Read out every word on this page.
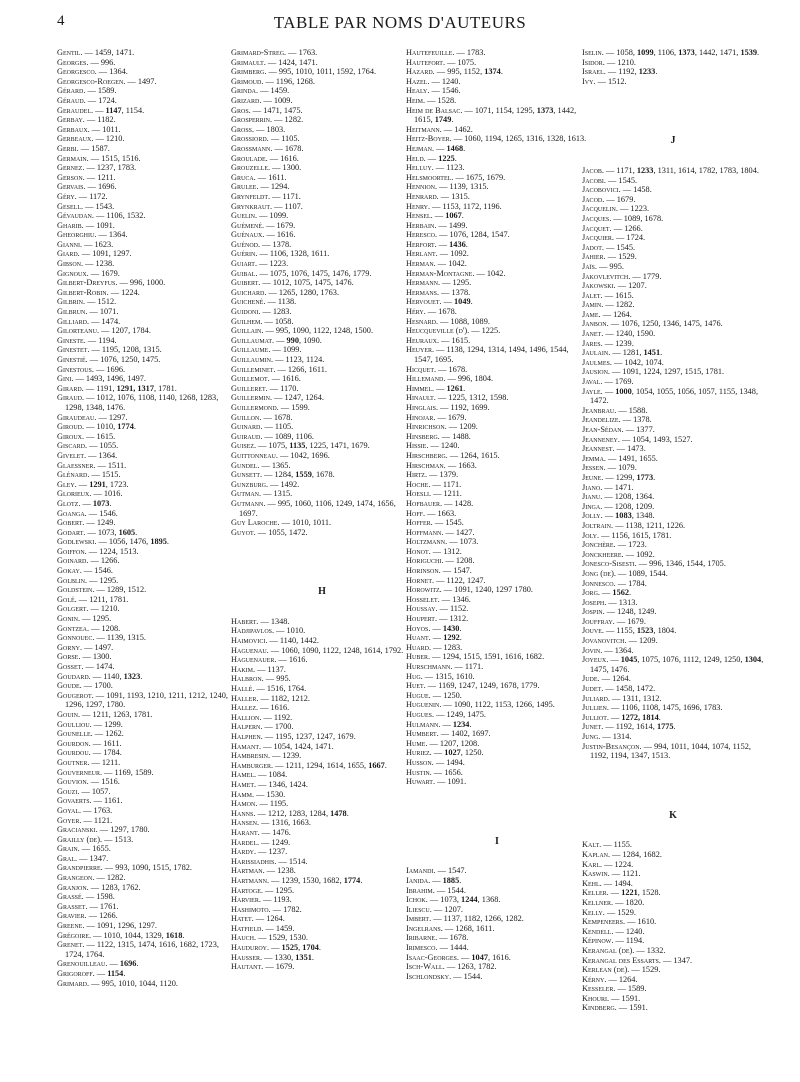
4	TABLE PAR NOMS D'AUTEURS
Gentil. — 1459, 1471.
Georges. — 996.
Georgesco. — 1364.
Georgesco-Roegen. — 1497.
Gérard. — 1589.
Géraud. — 1724.
Geraudel. — 1147, 1154.
Gerbay. — 1182.
Gerbaux. — 1011.
Gerbeaux. — 1210.
Gerbi. — 1587.
Germain. — 1515, 1516.
Gernez. — 1237, 1783.
Gerson. — 1211.
Gervais. — 1696.
Géry. — 1172.
Gesell. — 1543.
Gévaudan. — 1106, 1532.
Gharib. — 1091.
Gheorghiu. — 1364.
Gianni. — 1623.
Giard. — 1091, 1297.
Gibson. — 1238.
Gignoux. — 1679.
Gilbert-Dreyfus. — 996, 1000.
Gilbert-Robin. — 1224.
Gilbrin. — 1512.
Gilbrun. — 1071.
Gilliard. — 1474.
Gilorteanu. — 1207, 1784.
Gineste. — 1194.
Ginestet. — 1195, 1208, 1315.
Ginestié. — 1076, 1250, 1475.
Ginestous. — 1696.
Gini. — 1493, 1496, 1497.
Girard. — 1191, 1291, 1317, 1781.
Giraud. — 1012, 1076, 1108, 1140, 1268, 1283, 1298, 1348, 1476.
Giraudeau. — 1297.
Giroud. — 1010, 1774.
Giroux. — 1615.
Giscard. — 1055.
Givelet. — 1364.
Glaessner. — 1511.
Glénard. — 1515.
Gley. — 1291, 1723.
Glorieux. — 1016.
Glotz. — 1073.
Goanga. — 1546.
Gobert. — 1249.
Godart. — 1073, 1605.
Godlewski. — 1056, 1476, 1895.
Goiffon. — 1224, 1513.
Goinard. — 1266.
Gokay. — 1546.
Golblin. — 1295.
Goldstein. — 1289, 1512.
Golé. — 1211, 1781.
Golgert. — 1210.
Gonin. — 1295.
Gontzea. — 1208.
Gonnouec. — 1139, 1315.
Gorny. — 1497.
Gorse. — 1300.
Gosset. — 1474.
Goudard. — 1140, 1323.
Goude. — 1700.
Gougerot. — 1091, 1193, 1210, 1211, 1212, 1240, 1296, 1297, 1780.
Gouin. — 1211, 1263, 1781.
Goulliou. — 1299.
Gounelle. — 1262.
Gourdon. — 1611.
Gourdou. — 1784.
Goutner. — 1211.
Gouverneur. — 1169, 1589.
Gouvion. — 1516.
Gouzi. — 1057.
Govaerts. — 1161.
Goyal. — 1763.
Goyer. — 1121.
Gracianski. — 1297, 1780.
Grailly (de). — 1513.
Grain. — 1655.
Gral. — 1347.
Grandpierre. — 993, 1090, 1515, 1782.
Grangeon. — 1282.
Granjon. — 1283, 1762.
Grassé. — 1598.
Grasset. — 1761.
Gravier. — 1266.
Greene. — 1091, 1296, 1297.
Grégoire. — 1010, 1044, 1329, 1618.
Grenet. — 1122, 1315, 1474, 1616, 1682, 1723, 1724, 1764.
Grenouilleau. — 1696.
Grigoroff. — 1154.
Grimard. — 995, 1010, 1044, 1120.
Grimard-Streg. — 1763.
Grimault. — 1424, 1471.
Grimberg. — 995, 1010, 1011, 1592, 1764.
Grimoud. — 1196, 1268.
Grinda. — 1459.
Grizard. — 1009.
Gros. — 1471, 1475.
Grosperrin. — 1282.
Gross. — 1803.
Grossiord. — 1105.
Grossmann. — 1678.
Groulade. — 1616.
Grouzelle. — 1300.
Gruca. — 1611.
Grulee. — 1294.
Grynfeldt. — 1171.
Grynkraut. — 1107.
Guelin. — 1099.
Guémené. — 1679.
Guénaux. — 1616.
Guénod. — 1378.
Guérin. — 1106, 1328, 1611.
Guiart. — 1223.
Guibal. — 1075, 1076, 1475, 1476, 1779.
Guibert. — 1012, 1075, 1475, 1476.
Guichard. — 1265, 1280, 1763.
Guichené. — 1138.
Guidoni. — 1283.
Guilhem. — 1058.
Guillain. — 995, 1090, 1122, 1248, 1500.
Guillaumat. — 990, 1090.
Guillaume. — 1099.
Guillaumin. — 1123, 1124.
Guilleminet. — 1266, 1611.
Guillemot. — 1616.
Guilleret. — 1170.
Guillermin. — 1247, 1264.
Guillermond. — 1599.
Guillon. — 1678.
Guinard. — 1105.
Guiraud. — 1089, 1106.
Guisez. — 1075, 1135, 1225, 1471, 1679.
Guittonneau. — 1042, 1696.
Gundel. — 1365.
Gunsett. — 1284, 1559, 1678.
Gunzburg. — 1492.
Gutman. — 1315.
Gutmann. — 995, 1060, 1106, 1249, 1474, 1656, 1697.
Guy Laroche. — 1010, 1011.
Guyot. — 1055, 1472.
H
Habert. — 1348.
Hadjipavlos. — 1010.
Haimovici. — 1140, 1442.
Haguenau. — 1060, 1090, 1122, 1248, 1614, 1792.
Haguenauer. — 1616.
Hakim. — 1137.
Halbron. — 995.
Hallé. — 1516, 1764.
Haller. — 1182, 1212.
Hallez. — 1616.
Hallion. — 1192.
Halpern. — 1700.
Halphen. — 1195, 1237, 1247, 1679.
Hamant. — 1054, 1424, 1471.
Hambresin. — 1239.
Hamburger. — 1211, 1294, 1614, 1655, 1667.
Hamel. — 1084.
Hamet. — 1346, 1424.
Hamm. — 1530.
Hamon. — 1195.
Hanns. — 1212, 1283, 1284, 1478.
Hansen. — 1316, 1663.
Harant. — 1476.
Hardel. — 1249.
Hardy. — 1237.
Harissiadhis. — 1514.
Hartman. — 1238.
Hartmann. — 1239, 1530, 1682, 1774.
Hartoge. — 1295.
Harvier. — 1193.
Hashimoto. — 1782.
Hatet. — 1264.
Hatfield. — 1459.
Hauch. — 1529, 1530.
Hauduroy. — 1525, 1704.
Hausser. — 1330, 1351.
Hautant. — 1679.
Hautefeuille. — 1783.
Hautefort. — 1075.
Hazard. — 995, 1152, 1374.
Hazel. — 1240.
Healy. — 1546.
Heim. — 1528.
Heim de Balsac. — 1071, 1154, 1295, 1373, 1442, 1615, 1749.
Heitmann. — 1462.
Heitz-Boyer. — 1060, 1194, 1265, 1316, 1328, 1613.
Hejman. — 1468.
Held. — 1225.
Helluy. — 1123.
Helsmoortel. — 1675, 1679.
Hennion. — 1139, 1315.
Henrard. — 1315.
Henry. — 1153, 1172, 1196.
Hensel. — 1067.
Herbain. — 1499.
Heresco. — 1076, 1284, 1547.
Herfort. — 1436.
Herlant. — 1092.
Herman. — 1042.
Herman-Montagne. — 1042.
Hermann. — 1295.
Hermans. — 1378.
Hervouet. — 1049.
Héry. — 1678.
Hesnard. — 1088, 1089.
Heucqueville (d'). — 1225.
Heuraux. — 1615.
Heuyer. — 1138, 1294, 1314, 1494, 1496, 1544, 1547, 1695.
Hicquet. — 1678.
Hillemand. — 996, 1804.
Himmel. — 1261.
Hinault. — 1225, 1312, 1598.
Hinglais. — 1192, 1699.
Hinojar. — 1679.
Hinrichson. — 1209.
Hinsberg. — 1488.
Hissie. — 1240.
Hirschberg. — 1264, 1615.
Hirschman. — 1663.
Hirtz. — 1379.
Hoche. — 1171.
Hoesli. — 1211.
Hofbauer. — 1428.
Hoff. — 1663.
Hoffer. — 1545.
Hoffmann. — 1427.
Holtzmann. — 1073.
Honot. — 1312.
Horiguchi. — 1208.
Horinson. — 1547.
Hornet. — 1122, 1247.
Horowitz. — 1091, 1240, 1297 1780.
Hosselet. — 1346.
Houssay. — 1152.
Houpert. — 1312.
Hoyos. — 1430.
Huant. — 1292.
Huard. — 1283.
Huber. — 1294, 1515, 1591, 1616, 1682.
Hurschmann. — 1171.
Hug. — 1315, 1610.
Huet. — 1169, 1247, 1249, 1678, 1779.
Hugue. — 1250.
Huguenin. — 1090, 1122, 1153, 1266, 1495.
Hugues. — 1249, 1475.
Hulmann. — 1234.
Humbert. — 1402, 1697.
Hume. — 1207, 1208.
Huriez. — 1027, 1250.
Husson. — 1494.
Hustin. — 1656.
Huwart. — 1091.
I
Iamandi. — 1547.
Ianida. — 1885.
Ibrahim. — 1544.
Ichok. — 1073, 1244, 1368.
Iliescu. — 1207.
Imbert. — 1137, 1182, 1266, 1282.
Ingelrans. — 1268, 1611.
Iribarne. — 1678.
Irimesco. — 1444.
Isaac-Georges. — 1047, 1616.
Isch-Wall. — 1263, 1782.
Ischlondsky. — 1544.
Iselin. — 1058, 1099, 1106, 1373, 1442, 1471, 1539.
Isidor. — 1210.
Israel. — 1192, 1233.
Ivy. — 1512.
J
Jacob. — 1171, 1233, 1311, 1614, 1782, 1783, 1804.
Jacobi. — 1545.
Jacobovici. — 1458.
Jacod. — 1679.
Jacquelin. — 1223.
Jacques. — 1089, 1678.
Jacquet. — 1266.
Jacquier. — 1724.
Jadot. — 1545.
Jahier. — 1529.
Jaïs. — 995.
Jakovlevitch. — 1779.
Jakowski. — 1207.
Jalet. — 1615.
Jamin. — 1282.
Jame. — 1264.
Janbon. — 1076, 1250, 1346, 1475, 1476.
Janet. — 1240, 1590.
Jares. — 1239.
Jaulain. — 1281, 1451.
Jaulmes. — 1042, 1074.
Jausion. — 1091, 1224, 1297, 1515, 1781.
Javal. — 1769.
Jayle. — 1000, 1054, 1055, 1056, 1057, 1155, 1348, 1472.
Jeanbrau. — 1588.
Jeandelize. — 1378.
Jean-Sédan. — 1377.
Jeanneney. — 1054, 1493, 1527.
Jeannest. — 1473.
Jemma. — 1491, 1655.
Jessen. — 1079.
Jeune. — 1299, 1773.
Jiano. — 1471.
Jianu. — 1208, 1364.
Jinga. — 1208, 1209.
Jolly. — 1083, 1348.
Joltrain. — 1138, 1211, 1226.
Joly. — 1156, 1615, 1781.
Jonchère. — 1723.
Jonckheere. — 1092.
Jonesco-Sisesti. — 996, 1346, 1544, 1705.
Jong (de). — 1089, 1544.
Jonnesco. — 1784.
Jorg. — 1562.
Joseph. — 1313.
Jospin. — 1248, 1249.
Jouffray. — 1679.
Jouve. — 1155, 1523, 1804.
Jovanovitch. — 1209.
Jovin. — 1364.
Joyeux. — 1045, 1075, 1076, 1112, 1249, 1250, 1304, 1475, 1476.
Jude. — 1264.
Judet. — 1458, 1472.
Juliard. — 1311, 1312.
Jullien. — 1106, 1108, 1475, 1696, 1783.
Julliot. — 1272, 1814.
Junet. — 1192, 1614, 1775.
Jung. — 1314.
Justin-Besançon. — 994, 1011, 1044, 1074, 1152, 1192, 1194, 1347, 1513.
K
Kalt. — 1155.
Kaplan. — 1284, 1682.
Karl. — 1224.
Kaswin. — 1121.
Kehl. — 1494.
Keller. — 1221, 1528.
Kellner. — 1820.
Kelly. — 1529.
Kempeneers. — 1610.
Kendell. — 1240.
Képinow. — 1194.
Kerangal (de). — 1332.
Kerangal des Essarts. — 1347.
Kerlean (de). — 1529.
Kérny. — 1264.
Kesseler. — 1589.
Khouri. — 1591.
Kindberg. — 1591.
